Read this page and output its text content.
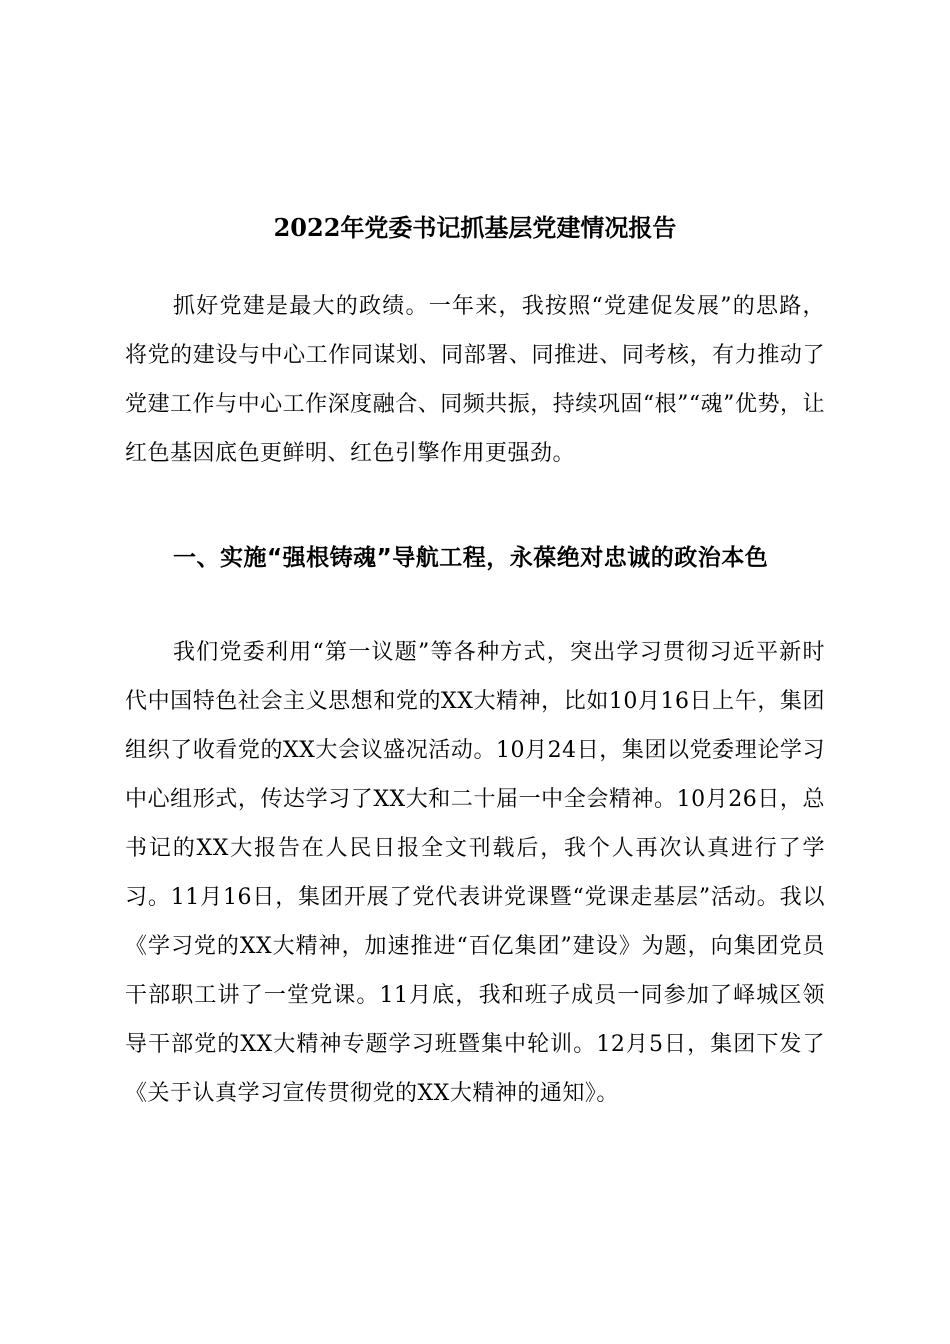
2022年党委书记抓基层党建情况报告

抓好党建是最大的政绩。一年来，我按照“党建促发展”的思路，将党的建设与中心工作同谋划、同部署、同推进、同考核，有力推动了党建工作与中心工作深度融合、同频共振，持续巩固“根”“魂”优势，让红色基因底色更鲜明、红色引擎作用更强劲。

一、实施“强根铸魂”导航工程，永葆绝对忠诚的政治本色

我们党委利用“第一议题”等各种方式，突出学习贯彻习近平新时代中国特色社会主义思想和党的XX大精神，比如10月16日上午，集团组织了收看党的XX大会议盛况活动。10月24日，集团以党委理论学习中心组形式，传达学习了XX大和二十届一中全会精神。10月26日，总书记的XX大报告在人民日报全文刊载后，我个人再次认真进行了学习。11月16日，集团开展了党代表讲党课暨“党课走基层”活动。我以《学习党的XX大精神，加速推进“百亿集团”建设》为题，向集团党员干部职工讲了一堂党课。11月底，我和班子成员一同参加了峄城区领导干部党的XX大精神专题学习班暨集中轮训。12月5日，集团下发了《关于认真学习宣传贯彻党的XX大精神的通知》。
